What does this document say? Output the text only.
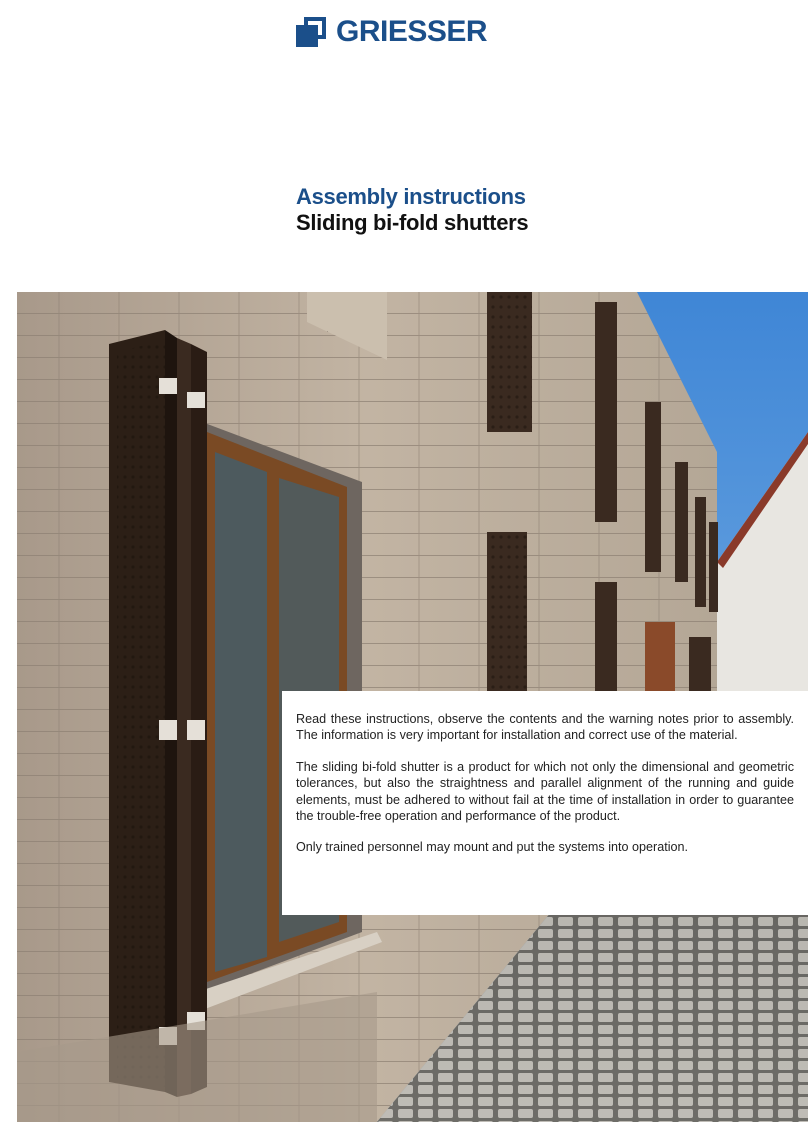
GRIESSER
Assembly instructions
Sliding bi-fold shutters

Read these instructions, observe the contents and the warning notes prior to assembly. The information is very important for installation and correct use of the material.

The sliding bi-fold shutter is a product for which not only the dimensional and geometric tolerances, but also the straightness and parallel alignment of the running and guide elements, must be adhered to without fail at the time of installation in order to guarantee the trouble-free operation and performance of the product.

Only trained personnel may mount and put the systems into operation.
